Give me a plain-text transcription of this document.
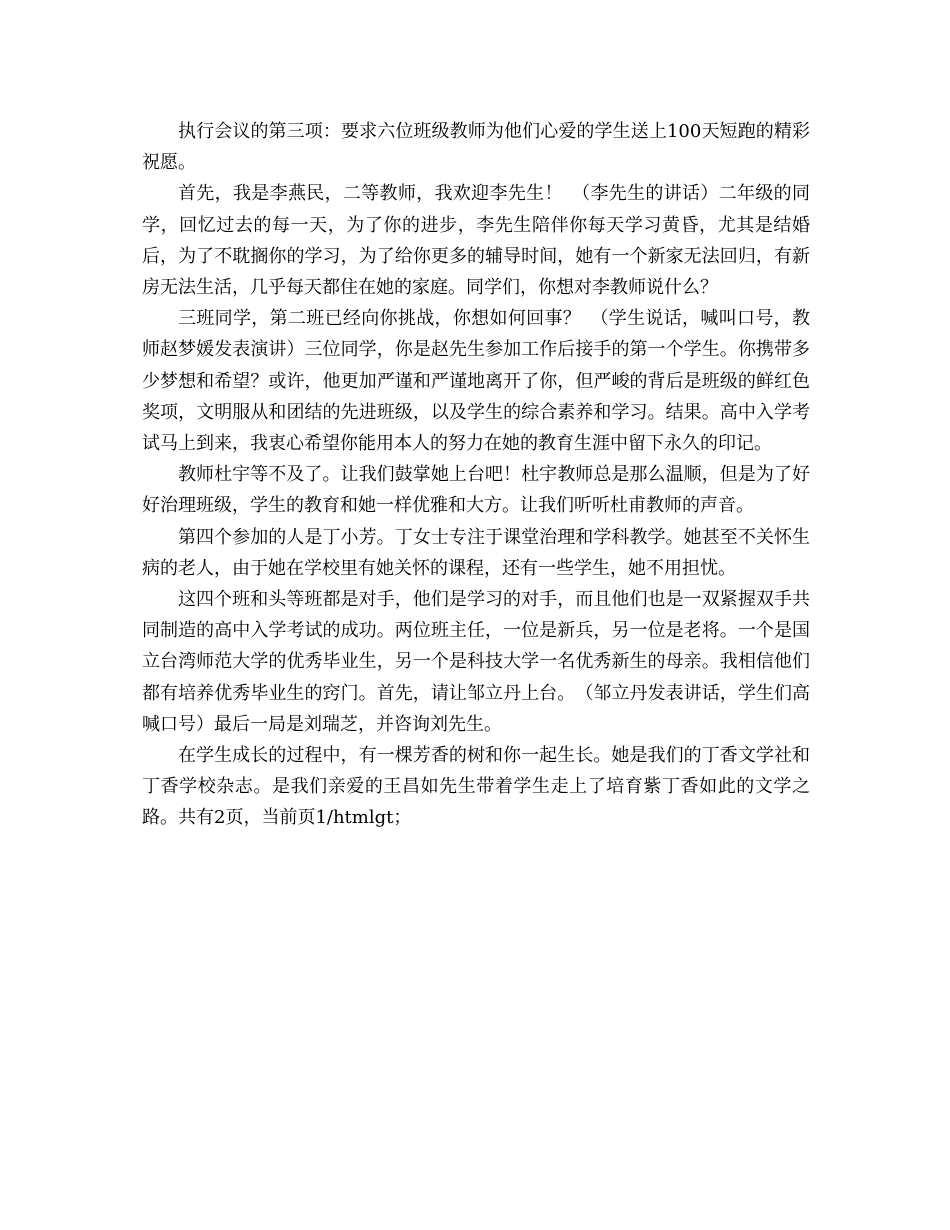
执行会议的第三项：要求六位班级教师为他们心爱的学生送上100天短跑的精彩祝愿。

首先，我是李燕民，二等教师，我欢迎李先生！　（李先生的讲话）二年级的同学，回忆过去的每一天，为了你的进步，李先生陪伴你每天学习黄昏，尤其是结婚后，为了不耽搁你的学习，为了给你更多的辅导时间，她有一个新家无法回归，有新房无法生活，几乎每天都住在她的家庭。同学们，你想对李教师说什么？

三班同学，第二班已经向你挑战，你想如何回事？　（学生说话，喊叫口号，教师赵梦媛发表演讲）三位同学，你是赵先生参加工作后接手的第一个学生。你携带多少梦想和希望？或许，他更加严谨和严谨地离开了你，但严峻的背后是班级的鲜红色奖项，文明服从和团结的先进班级，以及学生的综合素养和学习。结果。高中入学考试马上到来，我衷心希望你能用本人的努力在她的教育生涯中留下永久的印记。

教师杜宇等不及了。让我们鼓掌她上台吧！杜宇教师总是那么温顺，但是为了好好治理班级，学生的教育和她一样优雅和大方。让我们听听杜甫教师的声音。

第四个参加的人是丁小芳。丁女士专注于课堂治理和学科教学。她甚至不关怀生病的老人，由于她在学校里有她关怀的课程，还有一些学生，她不用担忧。

这四个班和头等班都是对手，他们是学习的对手，而且他们也是一双紧握双手共同制造的高中入学考试的成功。两位班主任，一位是新兵，另一位是老将。一个是国立台湾师范大学的优秀毕业生，另一个是科技大学一名优秀新生的母亲。我相信他们都有培养优秀毕业生的窍门。首先，请让邹立丹上台。　（邹立丹发表讲话，学生们高喊口号）最后一局是刘瑞芝，并咨询刘先生。

在学生成长的过程中，有一棵芳香的树和你一起生长。她是我们的丁香文学社和丁香学校杂志。是我们亲爱的王昌如先生带着学生走上了培育紫丁香如此的文学之路。共有2页，当前页1/htmlgt；
